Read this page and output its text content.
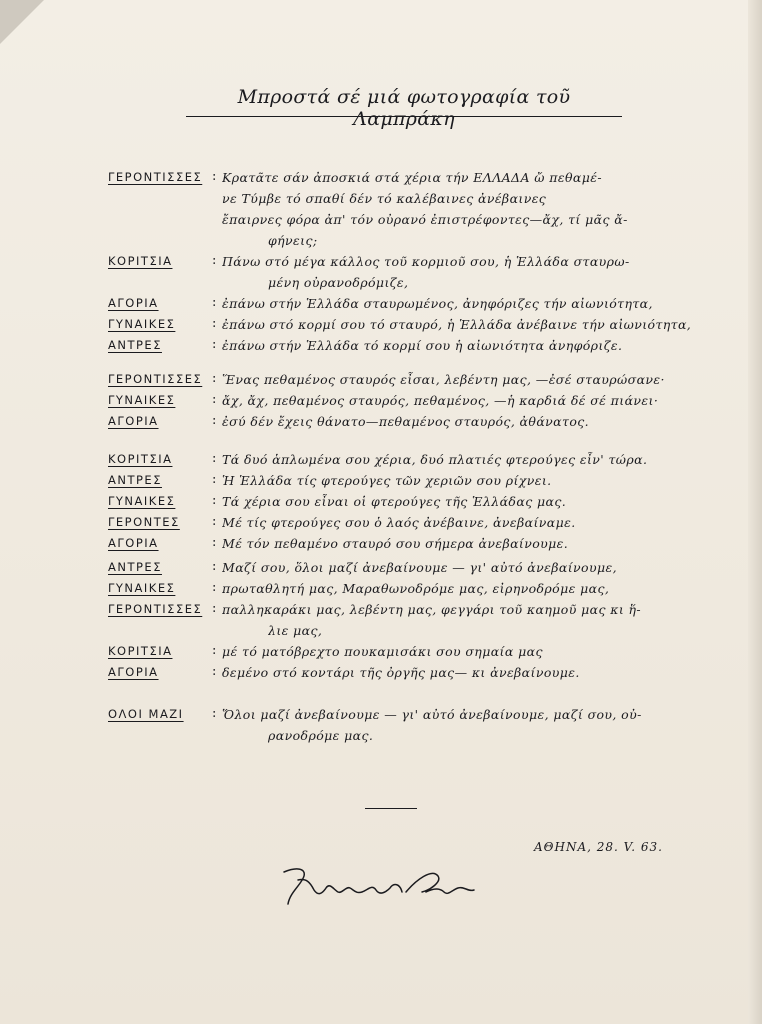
Μπροστά σέ μιά φωτογραφία τοῦ Λαμπράκη
ΓΕΡΟΝΤΙΣΣΕΣ : Κρατᾶτε σάν ἀποσκιά στά χέρια τήν ΕΛΛΑΔΑ ὤ πεθαμέ-
νε Τύμβε τό σπαθί δέν τό καλέβαινες ἀνέβαινες
ἔπαιρνες φόρα ἀπ' τόν οὐρανό ἐπιστρέφοντες—ἄχ, τί μᾶς ἄ-
φήνεις;
ΚΟΡΙΤΣΙΑ	: Πάνω στό μέγα κάλλος τοῦ κορμιοῦ σου, ἡ Ἑλλάδα σταυρω-
μένη οὐρανοδρόμιζε,
ΑΓΟΡΙΑ	: ἐπάνω στήν Ἑλλάδα σταυρωμένος, ἀνηφόριζες τήν αἰωνιότητα,
ΓΥΝΑΙΚΕΣ	: ἐπάνω στό κορμί σου τό σταυρό, ἡ Ἑλλάδα ἀνέβαινε τήν αἰωνιότητα,
ΑΝΤΡΕΣ	: ἐπάνω στήν Ἑλλάδα τό κορμί σου ἡ αἰωνιότητα ἀνηφόριζε.
ΓΕΡΟΝΤΙΣΣΕΣ : Ἕνας πεθαμένος σταυρός εἶσαι, λεβέντη μας, —ἐσέ σταυρώσανε·
ΓΥΝΑΙΚΕΣ	: ἄχ, ἄχ, πεθαμένος σταυρός, πεθαμένος, —ἡ καρδιά δέ σέ πιάνει·
ΑΓΟΡΙΑ	: ἐσύ δέν ἔχεις θάνατο—πεθαμένος σταυρός, ἀθάνατος.
ΚΟΡΙΤΣΙΑ	: Τά δυό ἁπλωμένα σου χέρια, δυό πλατιές φτερούγες εἶν' τώρα.
ΑΝΤΡΕΣ	: Ἡ Ἑλλάδα τίς φτερούγες τῶν χεριῶν σου ρίχνει.
ΓΥΝΑΙΚΕΣ	: Τά χέρια σου εἶναι οἱ φτερούγες τῆς Ἑλλάδας μας.
ΓΕΡΟΝΤΕΣ	: Μέ τίς φτερούγες σου ὁ λαός ἀνέβαινε, ἀνεβαίναμε.
ΑΓΟΡΙΑ	: Μέ τόν πεθαμένο σταυρό σου σήμερα ἀνεβαίνουμε.
ΑΝΤΡΕΣ	: Μαζί σου, ὅλοι μαζί ἀνεβαίνουμε — γι' αὐτό ἀνεβαίνουμε,
ΓΥΝΑΙΚΕΣ	: πρωταθλητή μας, Μαραθωνοδρόμε μας, εἰρηνοδρόμε μας,
ΓΕΡΟΝΤΙΣΣΕΣ : παλληκαράκι μας, λεβέντη μας, φεγγάρι τοῦ καημοῦ μας κι ἥ-
λιε μας,
ΚΟΡΙΤΣΙΑ	: μέ τό ματόβρεχτο πουκαμισάκι σου σημαία μας
ΑΓΟΡΙΑ	: δεμένο στό κοντάρι τῆς ὀργῆς μας— κι ἀνεβαίνουμε.
ΟΛΟΙ ΜΑΖΙ	: Ὅλοι μαζί ἀνεβαίνουμε — γι' αὐτό ἀνεβαίνουμε, μαζί σου, οὐ-
ρανοδρόμε μας.
ΑΘΗΝΑ, 28. V. 63.
